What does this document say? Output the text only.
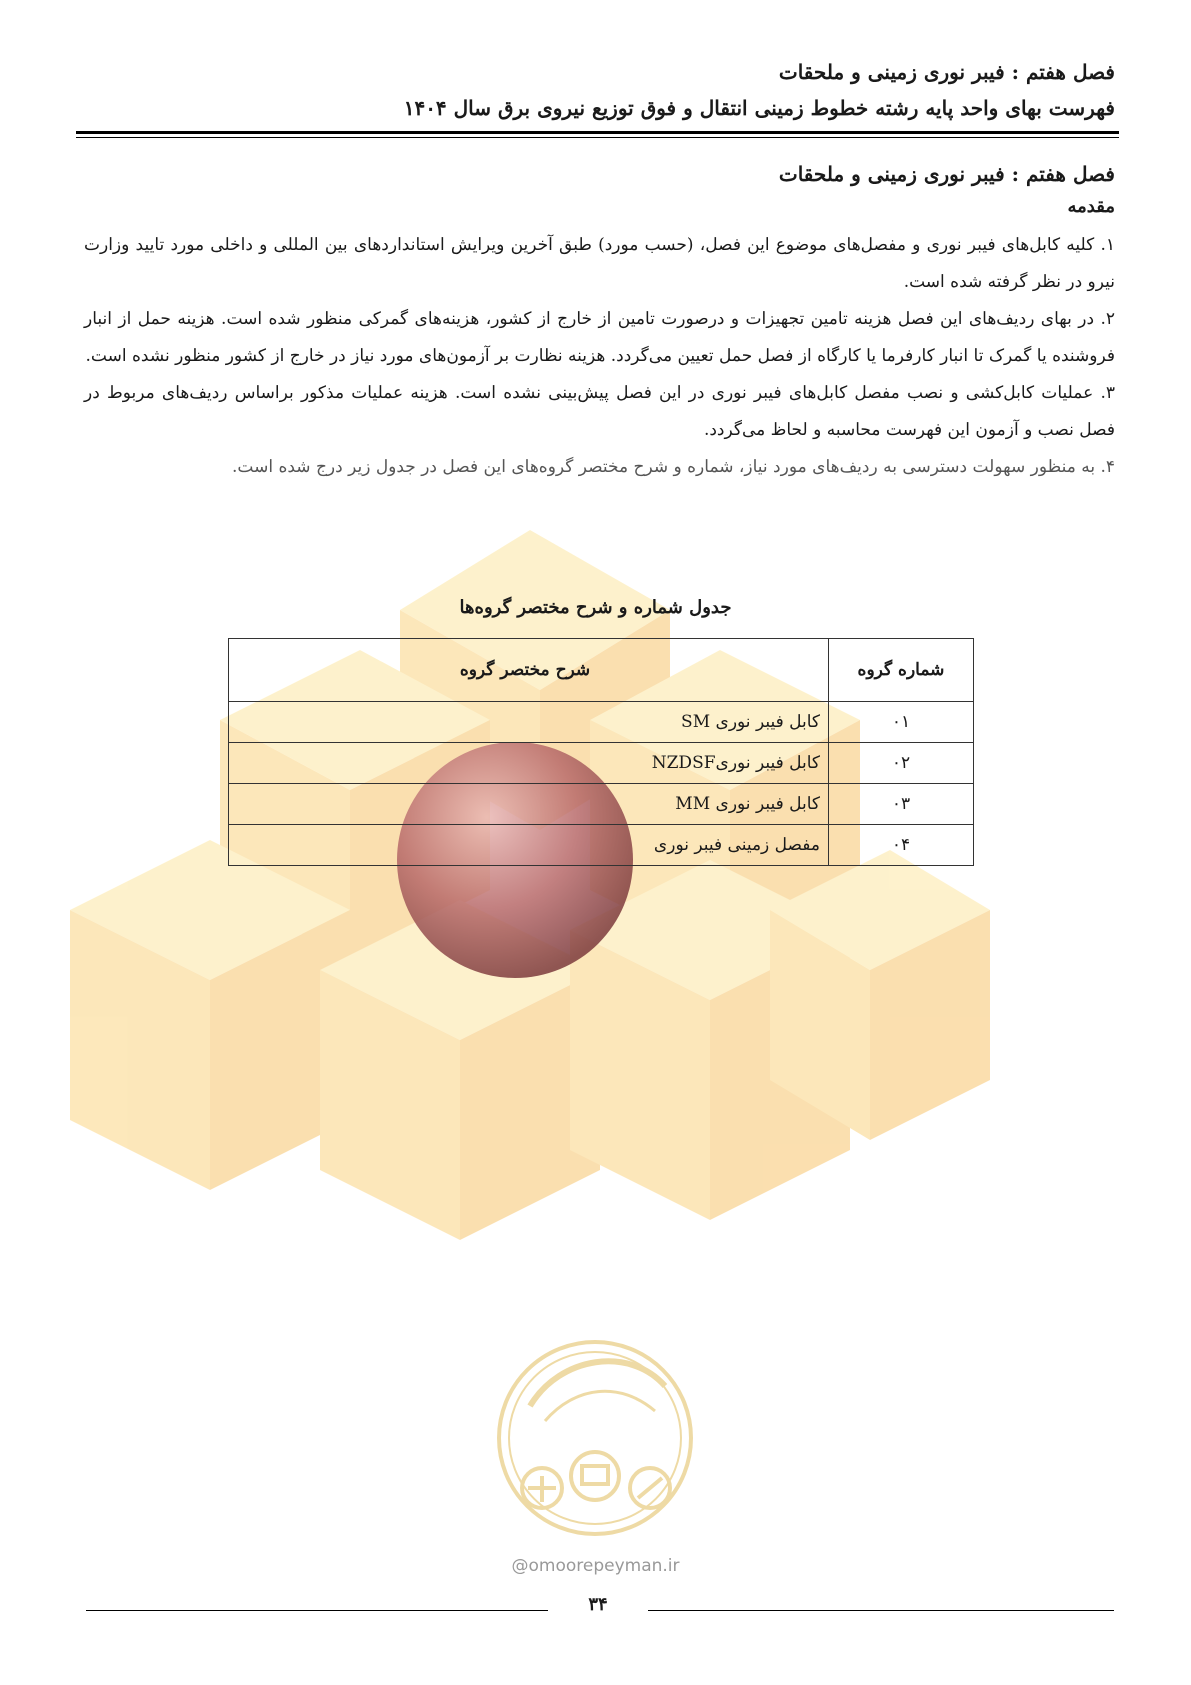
فصل هفتم : فیبر نوری زمینی و ملحقات
فهرست بهای واحد پایه رشته خطوط زمینی انتقال و فوق توزیع نیروی برق سال ۱۴۰۴
فصل هفتم : فیبر نوری زمینی و ملحقات
مقدمه

۱. کلیه کابل‌های فیبر نوری و مفصل‌های موضوع این فصل، (حسب مورد) طبق آخرین ویرایش استانداردهای بین المللی و داخلی مورد تایید وزارت نیرو در نظر گرفته شده است.

۲. در بهای ردیف‌های این فصل هزینه تامین تجهیزات و درصورت تامین از خارج از کشور، هزینه‌های گمرکی منظور شده است. هزینه حمل از انبار فروشنده یا گمرک تا انبار کارفرما یا کارگاه از فصل حمل تعیین می‌گردد. هزینه نظارت بر آزمون‌های مورد نیاز در خارج از کشور منظور نشده است.

۳. عملیات کابل‌کشی و نصب مفصل کابل‌های فیبر نوری در این فصل پیش‌بینی نشده است. هزینه عملیات مذکور براساس ردیف‌های مربوط در فصل نصب و آزمون این فهرست محاسبه و لحاظ می‌گردد.

۴. به منظور سهولت دسترسی به ردیف‌های مورد نیاز، شماره و شرح مختصر گروه‌های این فصل در جدول زیر درج شده است.

جدول شماره و شرح مختصر گروه‌ها
شماره گروه	شرح مختصر گروه
۰۱	کابل فیبر نوری SM
۰۲	کابل فیبر نوریNZDSF
۰۳	کابل فیبر نوری MM
۰۴	مفصل زمینی فیبر نوری
@omoorepeyman.ir
۳۴
